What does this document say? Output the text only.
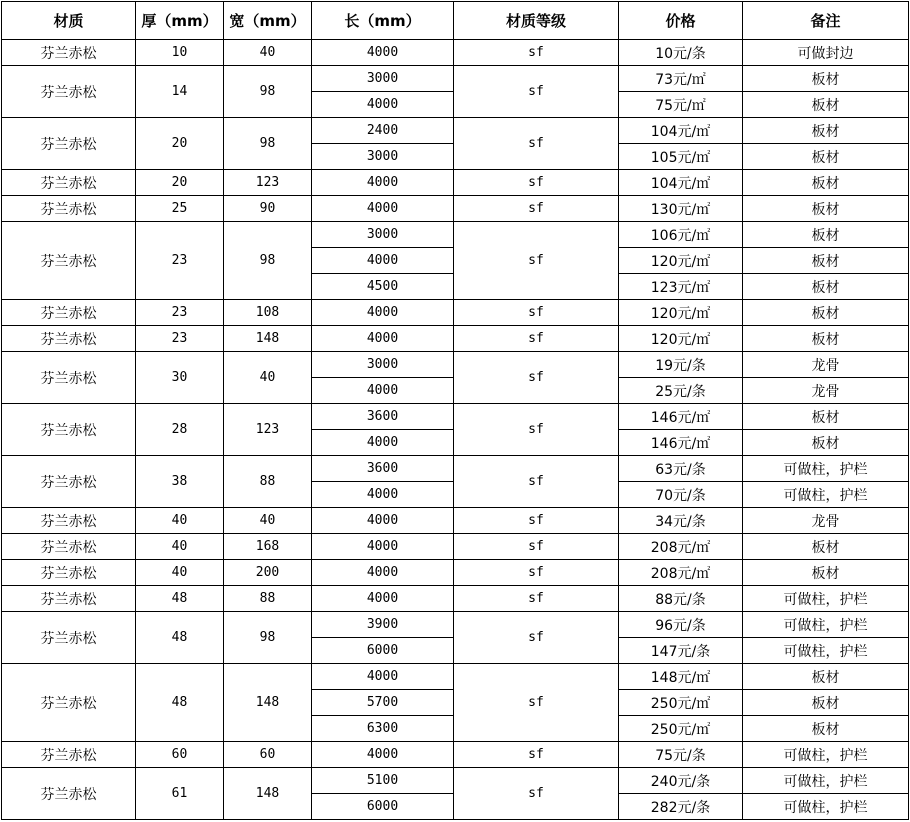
材质	厚（mm）	宽（mm）	长（mm）	材质等级	价格	备注
芬兰赤松	10	40	4000	sf	10元/条	可做封边
芬兰赤松	14	98	3000	sf	73元/㎡	板材
			4000		75元/㎡	板材
芬兰赤松	20	98	2400	sf	104元/㎡	板材
			3000		105元/㎡	板材
芬兰赤松	20	123	4000	sf	104元/㎡	板材
芬兰赤松	25	90	4000	sf	130元/㎡	板材
芬兰赤松	23	98	3000	sf	106元/㎡	板材
			4000		120元/㎡	板材
			4500		123元/㎡	板材
芬兰赤松	23	108	4000	sf	120元/㎡	板材
芬兰赤松	23	148	4000	sf	120元/㎡	板材
芬兰赤松	30	40	3000	sf	19元/条	龙骨
			4000		25元/条	龙骨
芬兰赤松	28	123	3600	sf	146元/㎡	板材
			4000		146元/㎡	板材
芬兰赤松	38	88	3600	sf	63元/条	可做柱，护栏
			4000		70元/条	可做柱，护栏
芬兰赤松	40	40	4000	sf	34元/条	龙骨
芬兰赤松	40	168	4000	sf	208元/㎡	板材
芬兰赤松	40	200	4000	sf	208元/㎡	板材
芬兰赤松	48	88	4000	sf	88元/条	可做柱，护栏
芬兰赤松	48	98	3900	sf	96元/条	可做柱，护栏
			6000		147元/条	可做柱，护栏
芬兰赤松	48	148	4000	sf	148元/㎡	板材
			5700		250元/㎡	板材
			6300		250元/㎡	板材
芬兰赤松	60	60	4000	sf	75元/条	可做柱，护栏
芬兰赤松	61	148	5100	sf	240元/条	可做柱，护栏
			6000		282元/条	可做柱，护栏
